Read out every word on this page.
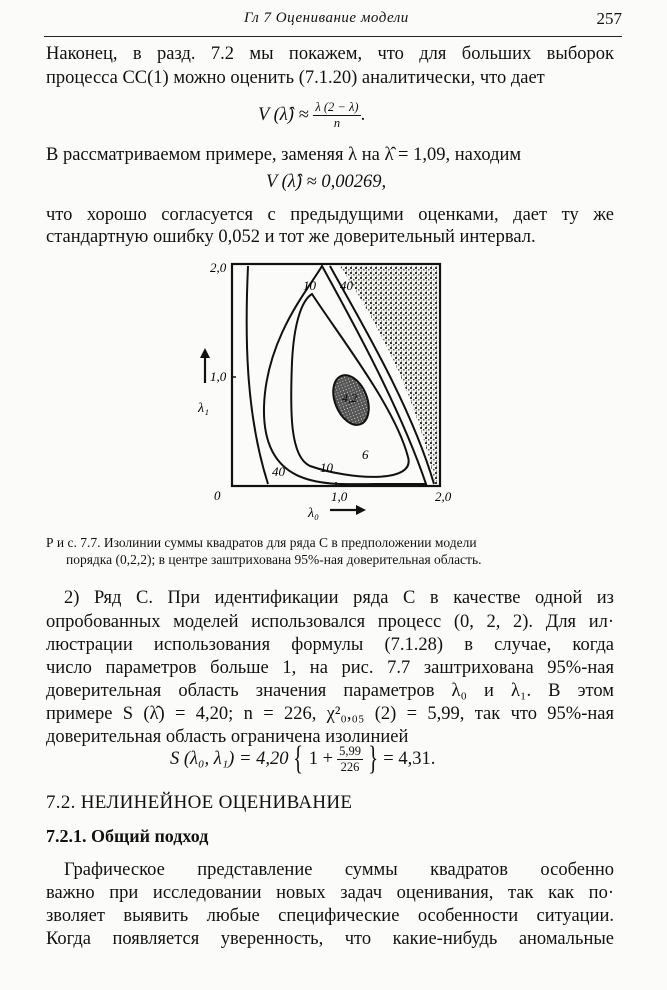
Гл 7 Оценивание модели	257
Наконец, в разд. 7.2 мы покажем, что для больших выборок
процесса СС(1) можно оценить (7.1.20) аналитически, что дает
V (λ̂) ≈ $\frac{\lambda (2 - \lambda)}{n}$ .
В рассматриваемом примере, заменяя λ на λ̂ = 1,09, находим
V (λ̂) ≈ 0,00269,
что хорошо согласуется с предыдущими оценками, дает ту же
стандартную ошибку 0,052 и тот же доверительный интервал.
40
10
4,2
6
10
40
2,0
1,0
0	1,0	2,0
λ₁
λ₀
Р и с. 7.7. Изолинии суммы квадратов для ряда С в предположении модели
порядка (0,2,2); в центре заштрихована 95%-ная доверительная область.
2) Ряд С. При идентификации ряда С в качестве одной из
опробованных моделей использовался процесс (0, 2, 2). Для ил·
люстрации использования формулы (7.1.28) в случае, когда
число параметров больше 1, на рис. 7.7 заштрихована 95%-ная
доверительная область значения параметров λ₀ и λ₁. В этом
примере S (λ̂) = 4,20; n = 226, χ²₀,₀₅ (2) = 5,99, так что 95%-ная
доверительная область ограничена изолинией
S (λ₀, λ₁) = 4,20 { $1 + \frac{5,99}{226}$ } = 4,31.
7.2. НЕЛИНЕЙНОЕ ОЦЕНИВАНИЕ
7.2.1. Общий подход
Графическое представление суммы квадратов особенно
важно при исследовании новых задач оценивания, так как по·
зволяет выявить любые специфические особенности ситуации.
Когда появляется уверенность, что какие-нибудь аномальные
